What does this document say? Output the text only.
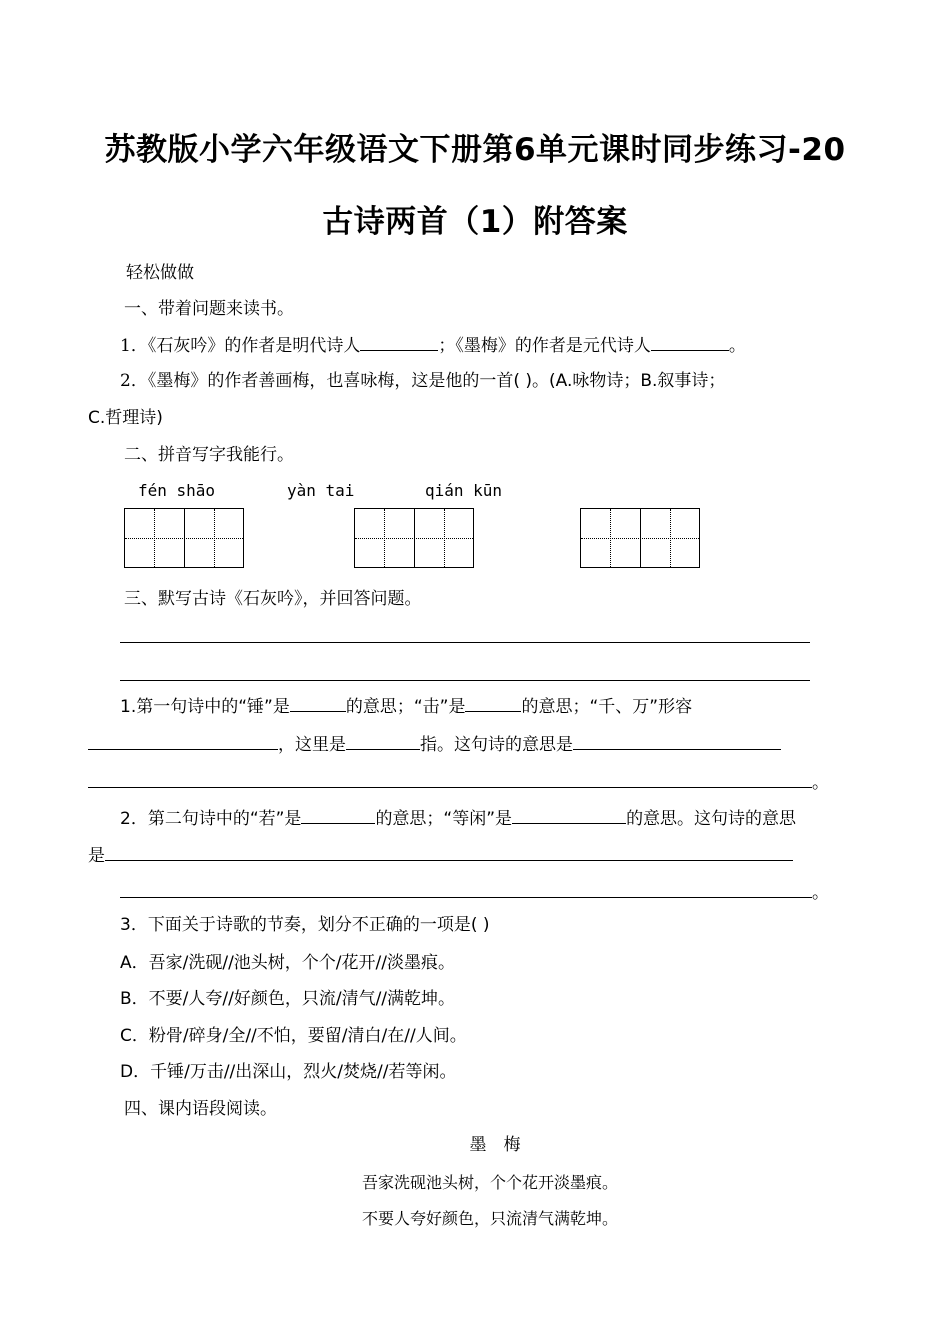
苏教版小学六年级语文下册第6单元课时同步练习-20
古诗两首（1）附答案
轻松做做
一、带着问题来读书。
1．《石灰吟》的作者是明代诗人	；《墨梅》的作者是元代诗人	。
2．《墨梅》的作者善画梅，也喜咏梅，这是他的一首( )。(A.咏物诗；B.叙事诗；
C.哲理诗)
二、拼音写字我能行。
fén shāo	yàn tai	qián kūn
三、默写古诗《石灰吟》，并回答问题。
1.第一句诗中的“锤”是	的意思；“击”是	的意思；“千、万”形容
，这里是	指。这句诗的意思是
。
2．第二句诗中的“若”是	的意思；“等闲”是	的意思。这句诗的意思
是
。
3．下面关于诗歌的节奏，划分不正确的一项是( )
A．吾家/洗砚//池头树，个个/花开//淡墨痕。
B．不要/人夸//好颜色，只流/清气//满乾坤。
C．粉骨/碎身/全//不怕，要留/清白/在//人间。
D．千锤/万击//出深山，烈火/焚烧//若等闲。
四、课内语段阅读。
墨　梅
吾家洗砚池头树，个个花开淡墨痕。
不要人夸好颜色，只流清气满乾坤。
